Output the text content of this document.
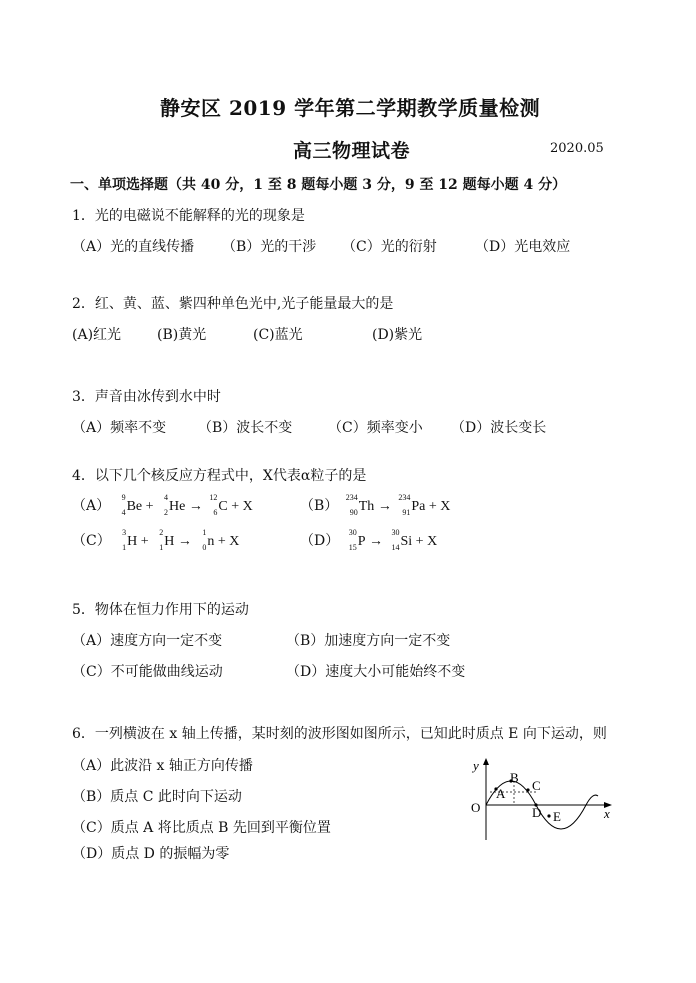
静安区 2019 学年第二学期教学质量检测
高三物理试卷	2020.05
一、单项选择题（共 40 分，1 至 8 题每小题 3 分，9 至 12 题每小题 4 分）
1．光的电磁说不能解释的光的现象是
（A）光的直线传播 （B）光的干涉 （C）光的衍射	（D）光电效应
2．红、黄、蓝、紫四种单色光中,光子能量最大的是
(A)红光	(B)黄光	(C)蓝光	(D)紫光
3．声音由冰传到水中时
（A）频率不变 （B）波长不变	（C）频率变小 （D）波长变长
4．以下几个核反应方程式中，X代表α粒子的是
（A）
9
4 Be +
4
2 He →
12
6 C + X	（B）
234
90 Th →
234
91 Pa + X
（C）
3
1 H +
2
1 H →
1
0 n + X	（D）
30
15 P →
30
14 Si + X
5．物体在恒力作用下的运动
（A）速度方向一定不变	（B）加速度方向一定不变
（C）不可能做曲线运动	（D）速度大小可能始终不变
6．一列横波在 x 轴上传播，某时刻的波形图如图所示，已知此时质点 E 向下运动，则
（A）此波沿 x 轴正方向传播
（B）质点 C 此时向下运动
（C）质点 A 将比质点 B 先回到平衡位置
（D）质点 D 的振幅为零
y
x
O
A
B
C
D E
